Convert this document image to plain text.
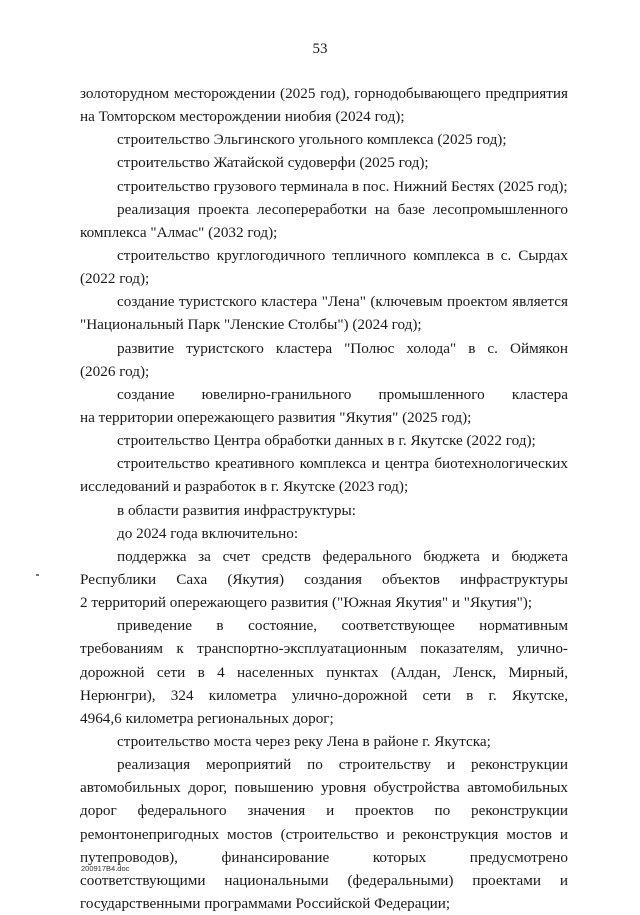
53
золоторудном месторождении (2025 год), горнодобывающего предприятия
на Томторском месторождении ниобия (2024 год);
строительство Эльгинского угольного комплекса (2025 год);
строительство Жатайской судоверфи (2025 год);
строительство грузового терминала в пос. Нижний Бестях (2025 год);
реализация проекта лесопереработки на базе лесопромышленного
комплекса "Алмас" (2032 год);
строительство круглогодичного тепличного комплекса в с. Сырдах
(2022 год);
создание туристского кластера "Лена" (ключевым проектом является
"Национальный Парк "Ленские Столбы") (2024 год);
развитие туристского кластера "Полюс холода" в с. Оймякон
(2026 год);
создание ювелирно-гранильного промышленного кластера
на территории опережающего развития "Якутия" (2025 год);
строительство Центра обработки данных в г. Якутске (2022 год);
строительство креативного комплекса и центра биотехнологических
исследований и разработок в г. Якутске (2023 год);
в области развития инфраструктуры:
до 2024 года включительно:
поддержка за счет средств федерального бюджета и бюджета
Республики Саха (Якутия) создания объектов инфраструктуры
2 территорий опережающего развития ("Южная Якутия" и "Якутия");
приведение в состояние, соответствующее нормативным
требованиям к транспортно-эксплуатационным показателям, улично-
дорожной сети в 4 населенных пунктах (Алдан, Ленск, Мирный,
Нерюнгри), 324 километра улично-дорожной сети в г. Якутске,
4964,6 километра региональных дорог;
строительство моста через реку Лена в районе г. Якутска;
реализация мероприятий по строительству и реконструкции
автомобильных дорог, повышению уровня обустройства автомобильных
дорог федерального значения и проектов по реконструкции
ремонтонепригодных мостов (строительство и реконструкция мостов и
путепроводов), финансирование которых предусмотрено
соответствующими национальными (федеральными) проектами и
государственными программами Российской Федерации;
200917В4.doc
